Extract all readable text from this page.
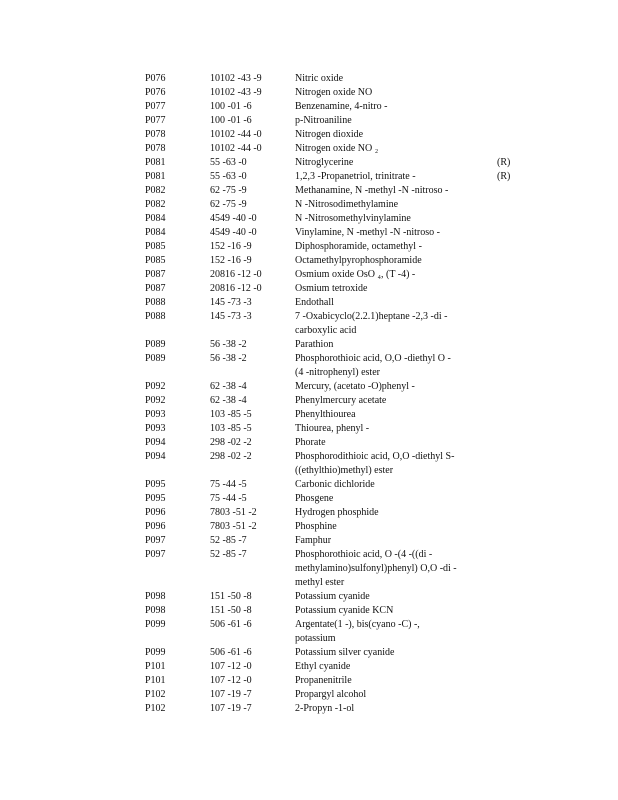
P076	10102 -43 -9	Nitric oxide
P076	10102 -43 -9	Nitrogen oxide NO
P077	100 -01 -6	Benzenamine, 4-nitro -
P077	100 -01 -6	p-Nitroaniline
P078	10102 -44 -0	Nitrogen dioxide
P078	10102 -44 -0	Nitrogen oxide NO ₂
P081	55 -63 -0	Nitroglycerine	(R)
P081	55 -63 -0	1,2,3 -Propanetriol, trinitrate -	(R)
P082	62 -75 -9	Methanamine, N -methyl -N -nitroso -
P082	62 -75 -9	N -Nitrosodimethylamine
P084	4549 -40 -0	N -Nitrosomethylvinylamine
P084	4549 -40 -0	Vinylamine, N -methyl -N -nitroso -
P085	152 -16 -9	Diphosphoramide, octamethyl -
P085	152 -16 -9	Octamethylpyrophosphoramide
P087	20816 -12 -0	Osmium oxide OsO ₄, (T -4) -
P087	20816 -12 -0	Osmium tetroxide
P088	145 -73 -3	Endothall
P088	145 -73 -3	7 -Oxabicyclo(2.2.1)heptane -2,3 -di -
carboxylic acid
P089	56 -38 -2	Parathion
P089	56 -38 -2	Phosphorothioic acid, O,O -diethyl O -
(4 -nitrophenyl) ester
P092	62 -38 -4	Mercury, (acetato -O)phenyl -
P092	62 -38 -4	Phenylmercury acetate
P093	103 -85 -5	Phenylthiourea
P093	103 -85 -5	Thiourea, phenyl -
P094	298 -02 -2	Phorate
P094	298 -02 -2	Phosphorodithioic acid, O,O -diethyl S-
((ethylthio)methyl) ester
P095	75 -44 -5	Carbonic dichloride
P095	75 -44 -5	Phosgene
P096	7803 -51 -2	Hydrogen phosphide
P096	7803 -51 -2	Phosphine
P097	52 -85 -7	Famphur
P097	52 -85 -7	Phosphorothioic acid, O -(4 -((di -
methylamino)sulfonyl)phenyl) O,O -di -
methyl ester
P098	151 -50 -8	Potassium cyanide
P098	151 -50 -8	Potassium cyanide KCN
P099	506 -61 -6	Argentate(1 -), bis(cyano -C) -,
potassium
P099	506 -61 -6	Potassium silver cyanide
P101	107 -12 -0	Ethyl cyanide
P101	107 -12 -0	Propanenitrile
P102	107 -19 -7	Propargyl alcohol
P102	107 -19 -7	2-Propyn -1-ol
